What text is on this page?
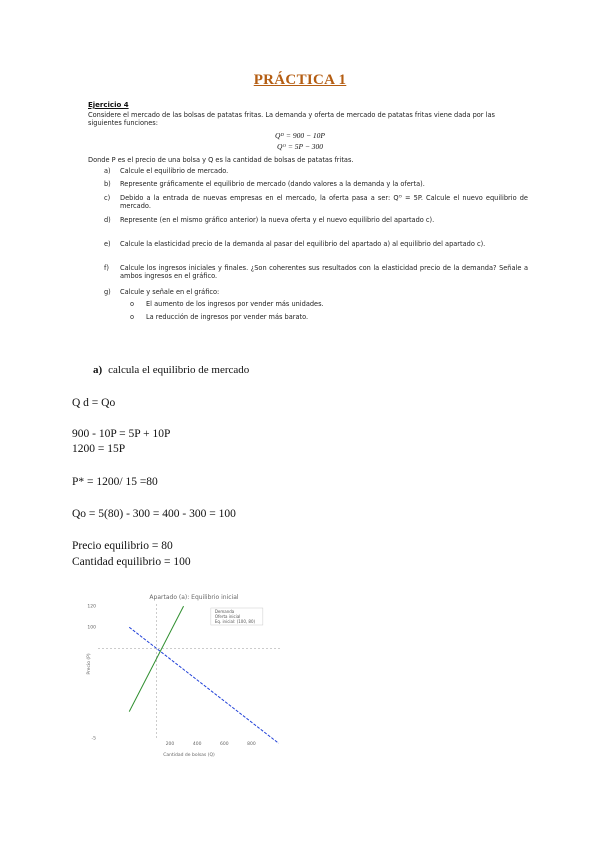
PRÁCTICA 1
Ejercicio 4
Considere el mercado de las bolsas de patatas fritas. La demanda y oferta de mercado de patatas fritas viene dada por las siguientes funciones:
Qᴰ = 900 − 10P
Qᴼ = 5P − 300
Donde P es el precio de una bolsa y Q es la cantidad de bolsas de patatas fritas.
a) Calcule el equilibrio de mercado.
b) Represente gráficamente el equilibrio de mercado (dando valores a la demanda y la oferta).
c) Debido a la entrada de nuevas empresas en el mercado, la oferta pasa a ser: Qᴼ = 5P. Calcule el nuevo equilibrio de mercado.
d) Represente (en el mismo gráfico anterior) la nueva oferta y el nuevo equilibrio del apartado c).
e) Calcule la elasticidad precio de la demanda al pasar del equilibrio del apartado a) al equilibrio del apartado c).
f) Calcule los ingresos iniciales y finales. ¿Son coherentes sus resultados con la elasticidad precio de la demanda? Señale a ambos ingresos en el gráfico.
g) Calcule y señale en el gráfico:
o El aumento de los ingresos por vender más unidades.
o La reducción de ingresos por vender más barato.
a) calcula el equilibrio de mercado
Q d = Qo
900 - 10P = 5P + 10P
1200 = 15P
P* = 1200/ 15 =80
Qo = 5(80) - 300 = 400 - 300 = 100
Precio equilibrio = 80
Cantidad equilibrio = 100
Apartado (a): Equilibrio inicial
200	400	600	800
-5
100
120
Demanda
Oferta inicial
Eq. inicial: (100, 80)
Cantidad de bolsas (Q)
Precio (P)
